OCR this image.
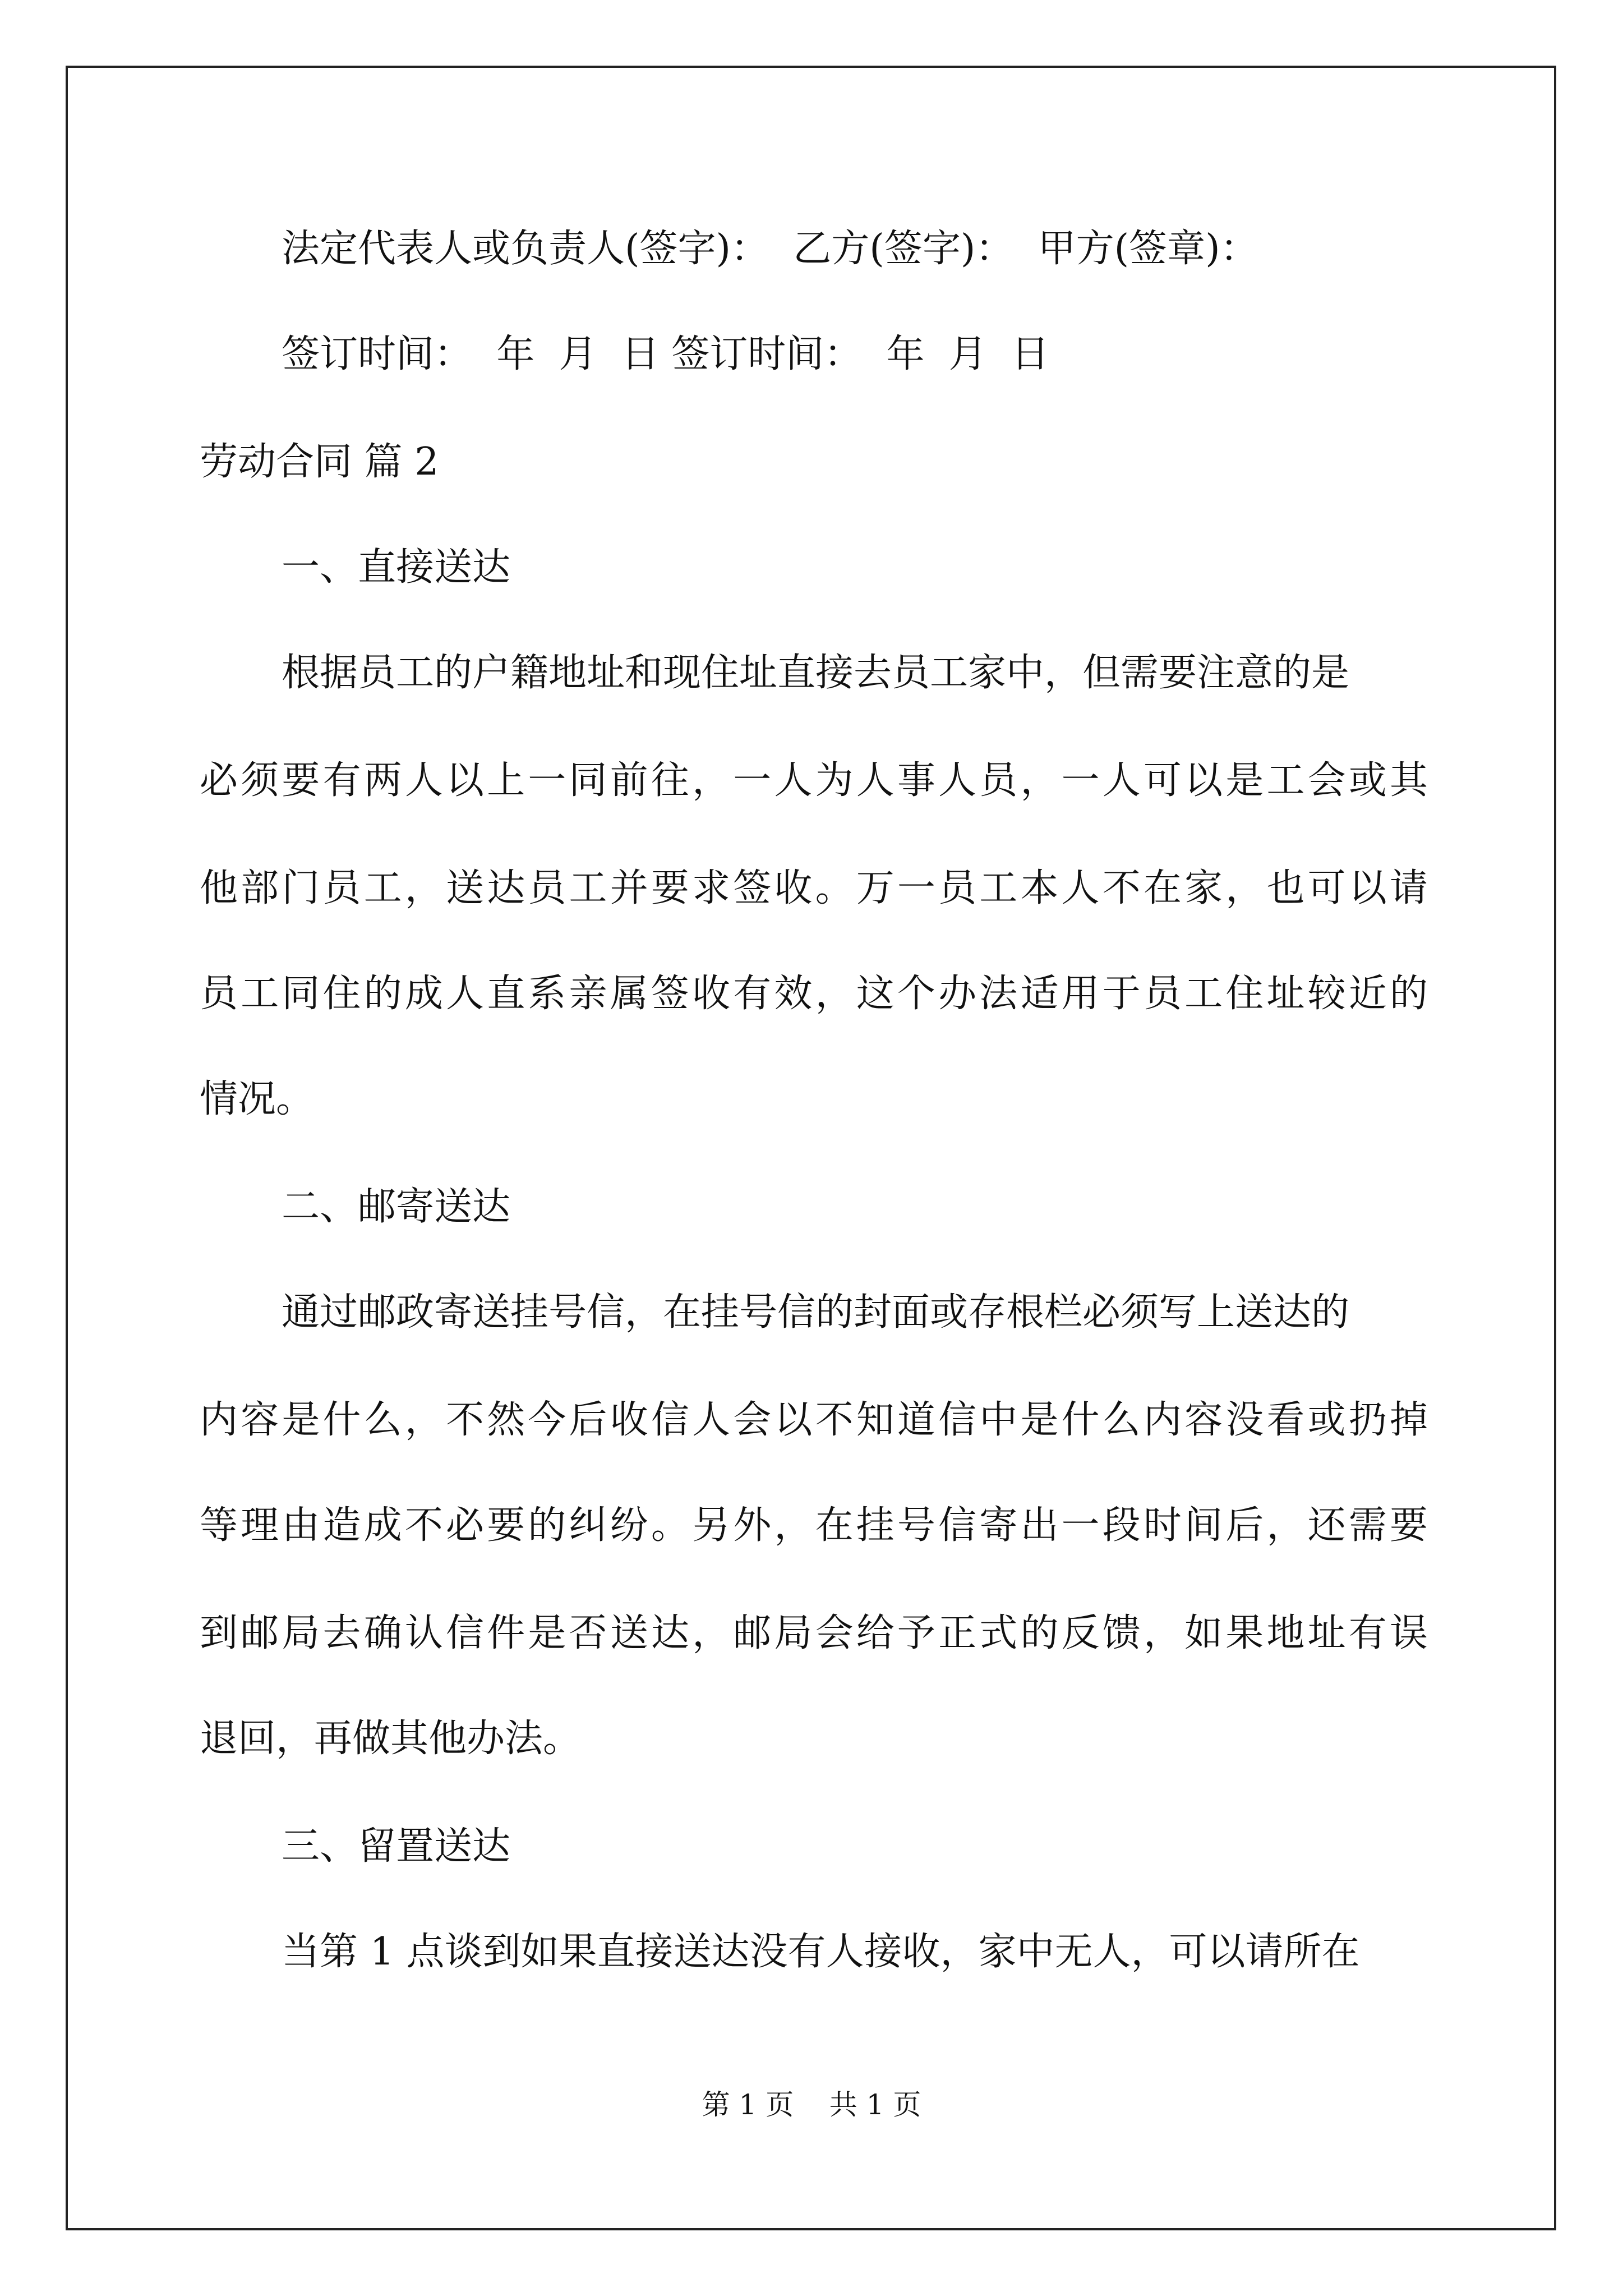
法定代表人或负责人(签字)：  乙方(签字)：  甲方(签章)：
签订时间：  年  月  日 签订时间：  年  月  日
劳动合同 篇 2
一、直接送达
根据员工的户籍地址和现住址直接去员工家中，但需要注意的是
必须要有两人以上一同前往，一人为人事人员，一人可以是工会或其
他部门员工，送达员工并要求签收。万一员工本人不在家，也可以请
员工同住的成人直系亲属签收有效，这个办法适用于员工住址较近的
情况。
二、邮寄送达
通过邮政寄送挂号信，在挂号信的封面或存根栏必须写上送达的
内容是什么，不然今后收信人会以不知道信中是什么内容没看或扔掉
等理由造成不必要的纠纷。另外，在挂号信寄出一段时间后，还需要
到邮局去确认信件是否送达，邮局会给予正式的反馈，如果地址有误
退回，再做其他办法。
三、留置送达
当第 1 点谈到如果直接送达没有人接收，家中无人，可以请所在
第 1 页    共 1 页
